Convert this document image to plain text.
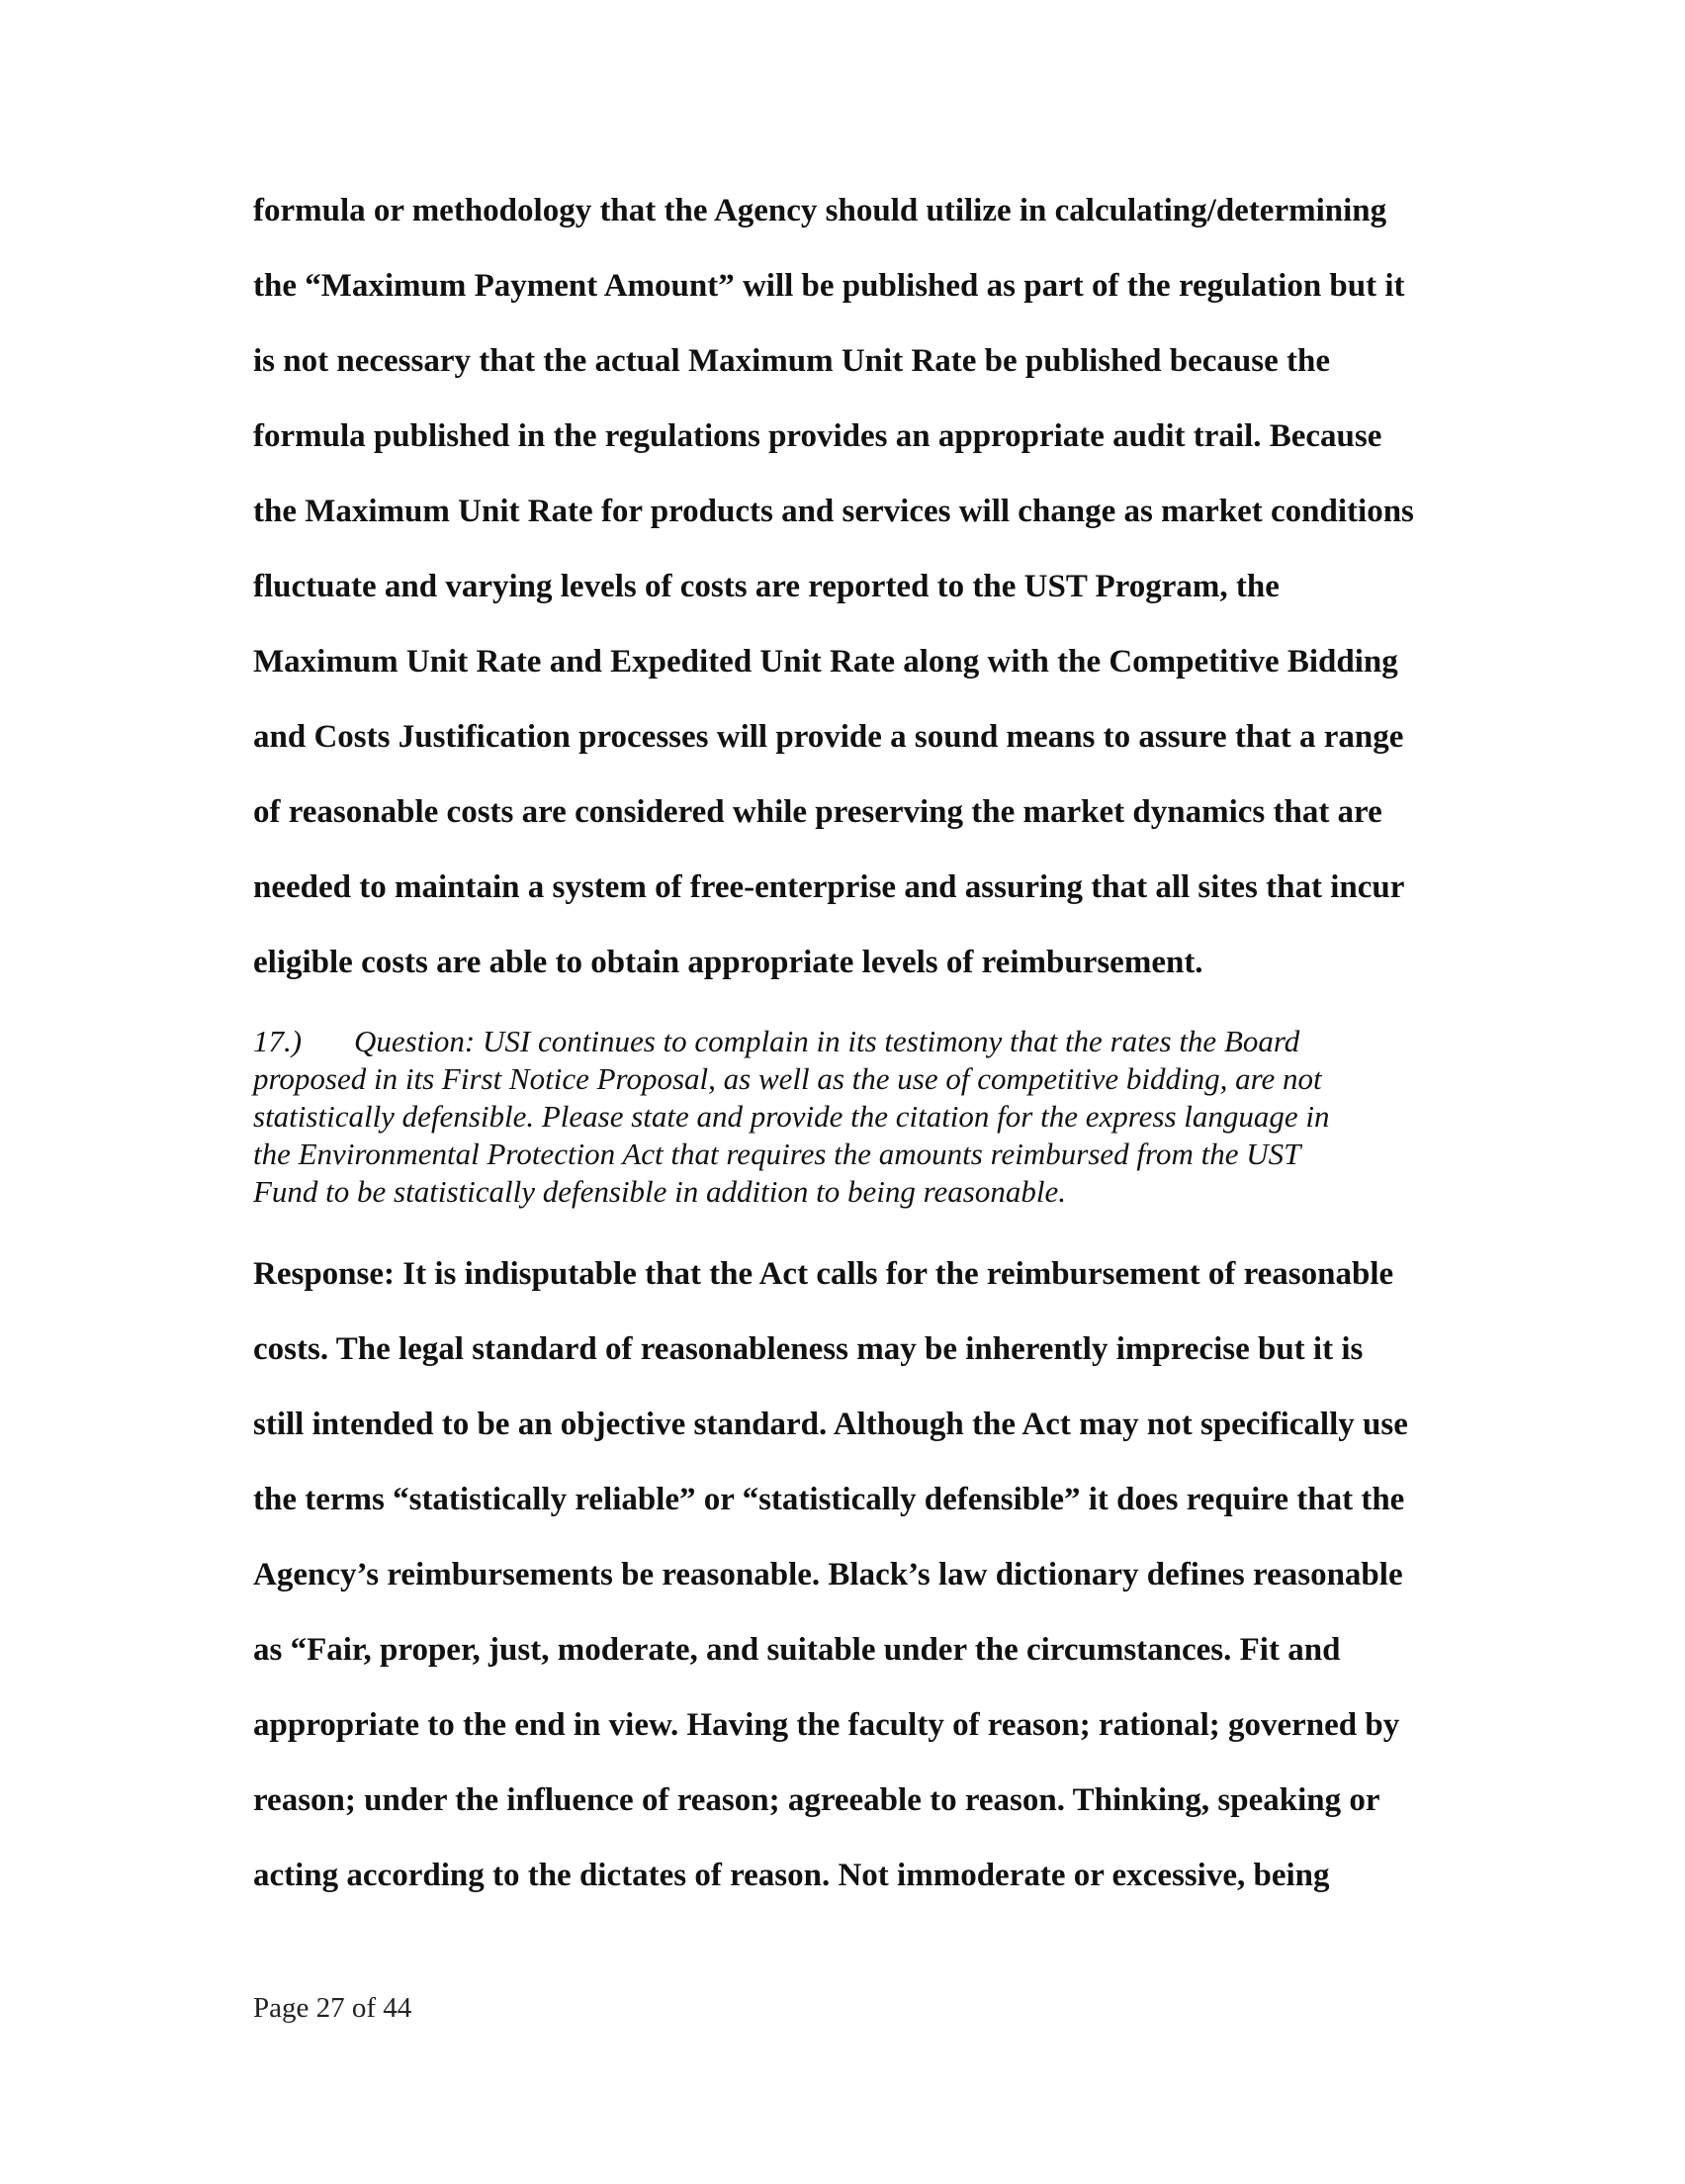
formula or methodology that the Agency should utilize in calculating/determining
the “Maximum Payment Amount” will be published as part of the regulation but it
is not necessary that the actual Maximum Unit Rate be published because the
formula published in the regulations provides an appropriate audit trail. Because
the Maximum Unit Rate for products and services will change as market conditions
fluctuate and varying levels of costs are reported to the UST Program, the
Maximum Unit Rate and Expedited Unit Rate along with the Competitive Bidding
and Costs Justification processes will provide a sound means to assure that a range
of reasonable costs are considered while preserving the market dynamics that are
needed to maintain a system of free-enterprise and assuring that all sites that incur
eligible costs are able to obtain appropriate levels of reimbursement.
17.) Question: USI continues to complain in its testimony that the rates the Board
proposed in its First Notice Proposal, as well as the use of competitive bidding, are not
statistically defensible. Please state and provide the citation for the express language in
the Environmental Protection Act that requires the amounts reimbursed from the UST
Fund to be statistically defensible in addition to being reasonable.
Response: It is indisputable that the Act calls for the reimbursement of reasonable
costs. The legal standard of reasonableness may be inherently imprecise but it is
still intended to be an objective standard. Although the Act may not specifically use
the terms “statistically reliable” or “statistically defensible” it does require that the
Agency’s reimbursements be reasonable. Black’s law dictionary defines reasonable
as “Fair, proper, just, moderate, and suitable under the circumstances. Fit and
appropriate to the end in view. Having the faculty of reason; rational; governed by
reason; under the influence of reason; agreeable to reason. Thinking, speaking or
acting according to the dictates of reason. Not immoderate or excessive, being
Page 27 of 44
